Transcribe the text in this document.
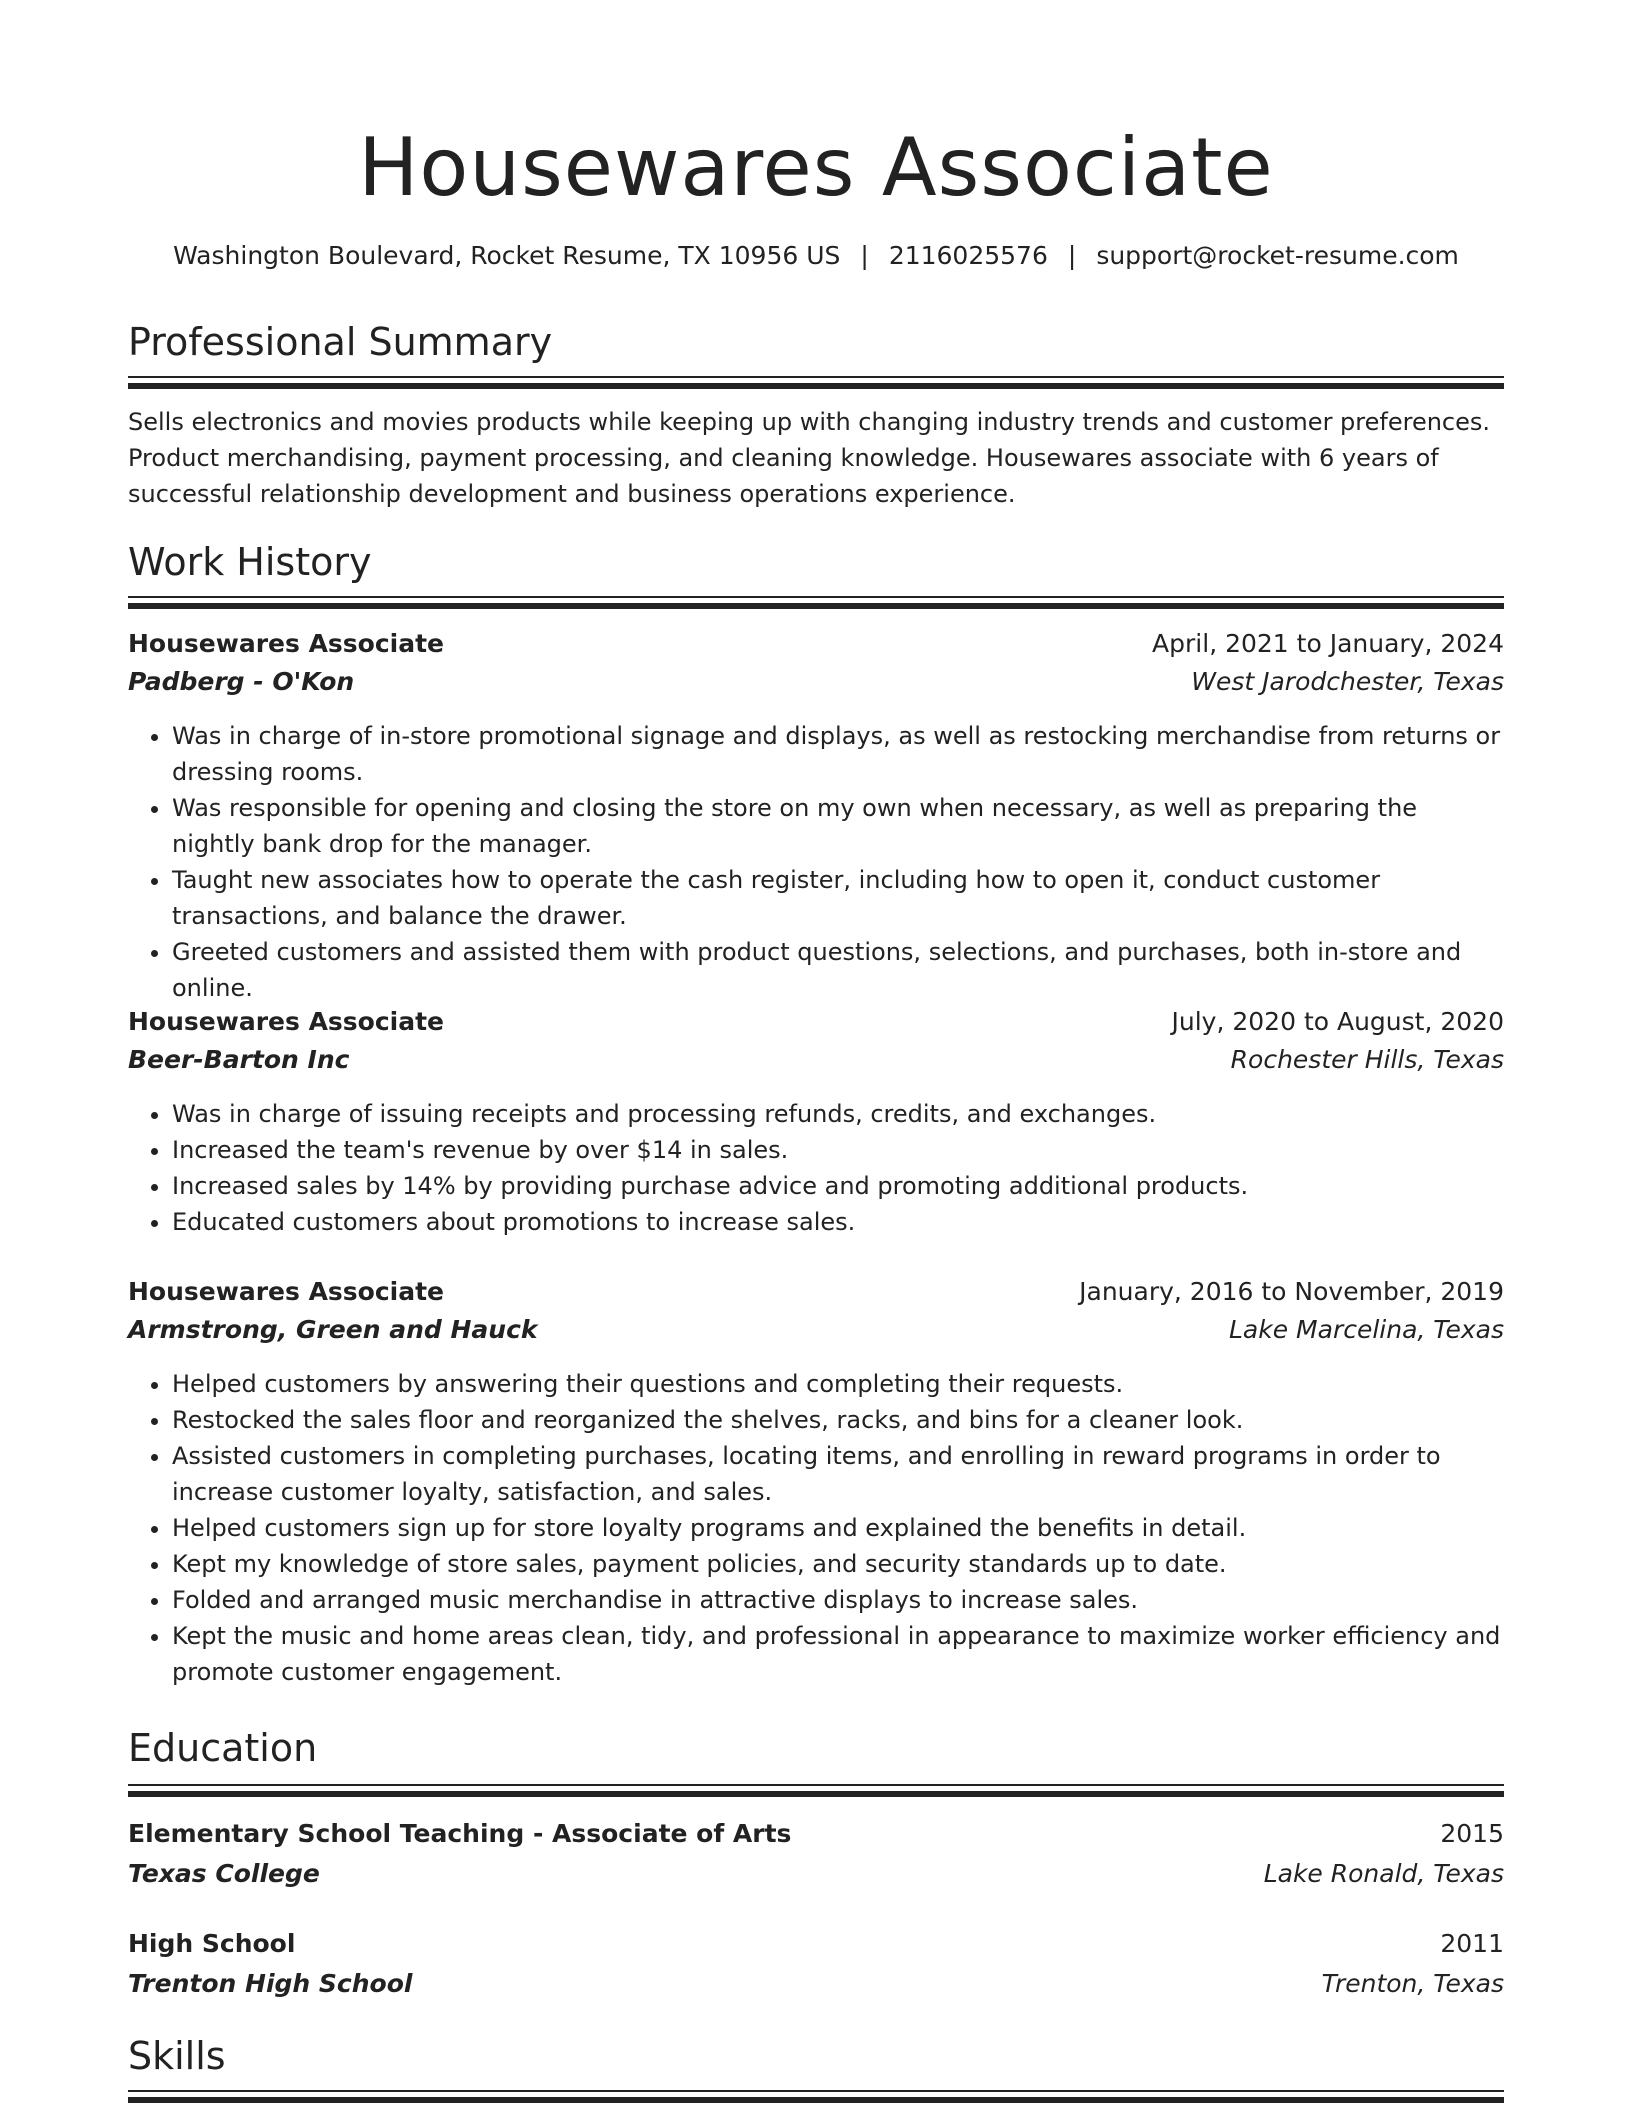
Housewares Associate
Washington Boulevard, Rocket Resume, TX 10956 US | 2116025576 | support@rocket-resume.com
Professional Summary
Sells electronics and movies products while keeping up with changing industry trends and customer preferences. Product merchandising, payment processing, and cleaning knowledge. Housewares associate with 6 years of successful relationship development and business operations experience.
Work History
Housewares Associate	April, 2021 to January, 2024
Padberg - O'Kon	West Jarodchester, Texas
• Was in charge of in-store promotional signage and displays, as well as restocking merchandise from returns or dressing rooms.
• Was responsible for opening and closing the store on my own when necessary, as well as preparing the nightly bank drop for the manager.
• Taught new associates how to operate the cash register, including how to open it, conduct customer transactions, and balance the drawer.
• Greeted customers and assisted them with product questions, selections, and purchases, both in-store and online.
Housewares Associate	July, 2020 to August, 2020
Beer-Barton Inc	Rochester Hills, Texas
• Was in charge of issuing receipts and processing refunds, credits, and exchanges.
• Increased the team's revenue by over $14 in sales.
• Increased sales by 14% by providing purchase advice and promoting additional products.
• Educated customers about promotions to increase sales.
Housewares Associate	January, 2016 to November, 2019
Armstrong, Green and Hauck	Lake Marcelina, Texas
• Helped customers by answering their questions and completing their requests.
• Restocked the sales floor and reorganized the shelves, racks, and bins for a cleaner look.
• Assisted customers in completing purchases, locating items, and enrolling in reward programs in order to increase customer loyalty, satisfaction, and sales.
• Helped customers sign up for store loyalty programs and explained the benefits in detail.
• Kept my knowledge of store sales, payment policies, and security standards up to date.
• Folded and arranged music merchandise in attractive displays to increase sales.
• Kept the music and home areas clean, tidy, and professional in appearance to maximize worker efficiency and promote customer engagement.
Education
Elementary School Teaching - Associate of Arts	2015
Texas College	Lake Ronald, Texas
High School	2011
Trenton High School	Trenton, Texas
Skills
